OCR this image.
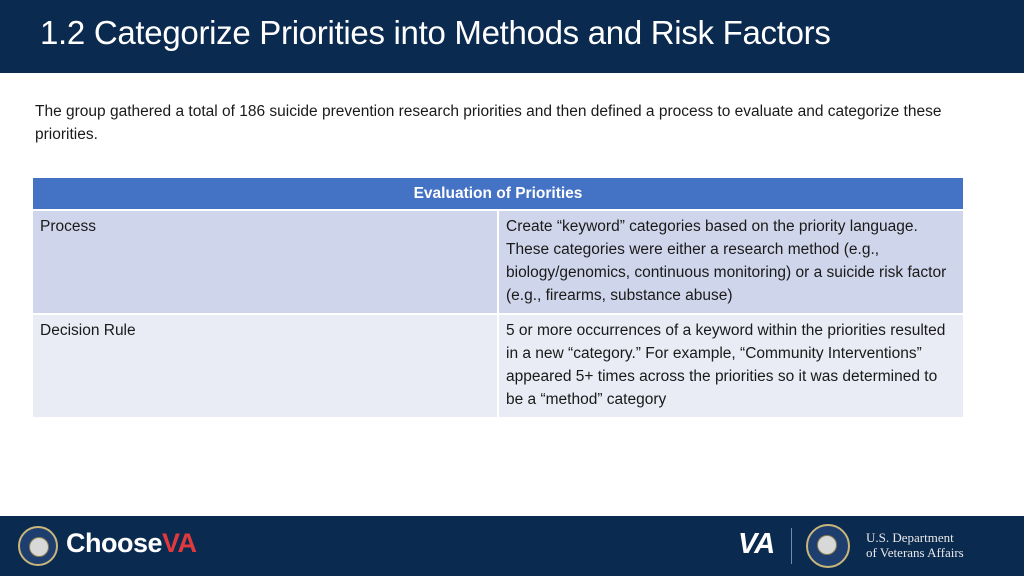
1.2 Categorize Priorities into Methods and Risk Factors

The group gathered a total of 186 suicide prevention research priorities and then defined a process to evaluate and categorize these priorities.

Evaluation of Priorities	
Process	Create “keyword” categories based on the priority language. These categories were either a research method (e.g., biology/genomics, continuous monitoring) or a suicide risk factor (e.g., firearms, substance abuse)
Decision Rule	5 or more occurrences of a keyword within the priorities resulted in a new “category.” For example, “Community Interventions” appeared 5+ times across the priorities so it was determined to be a “method” category
ChooseVA	VA	U.S. Department
of Veterans Affairs
